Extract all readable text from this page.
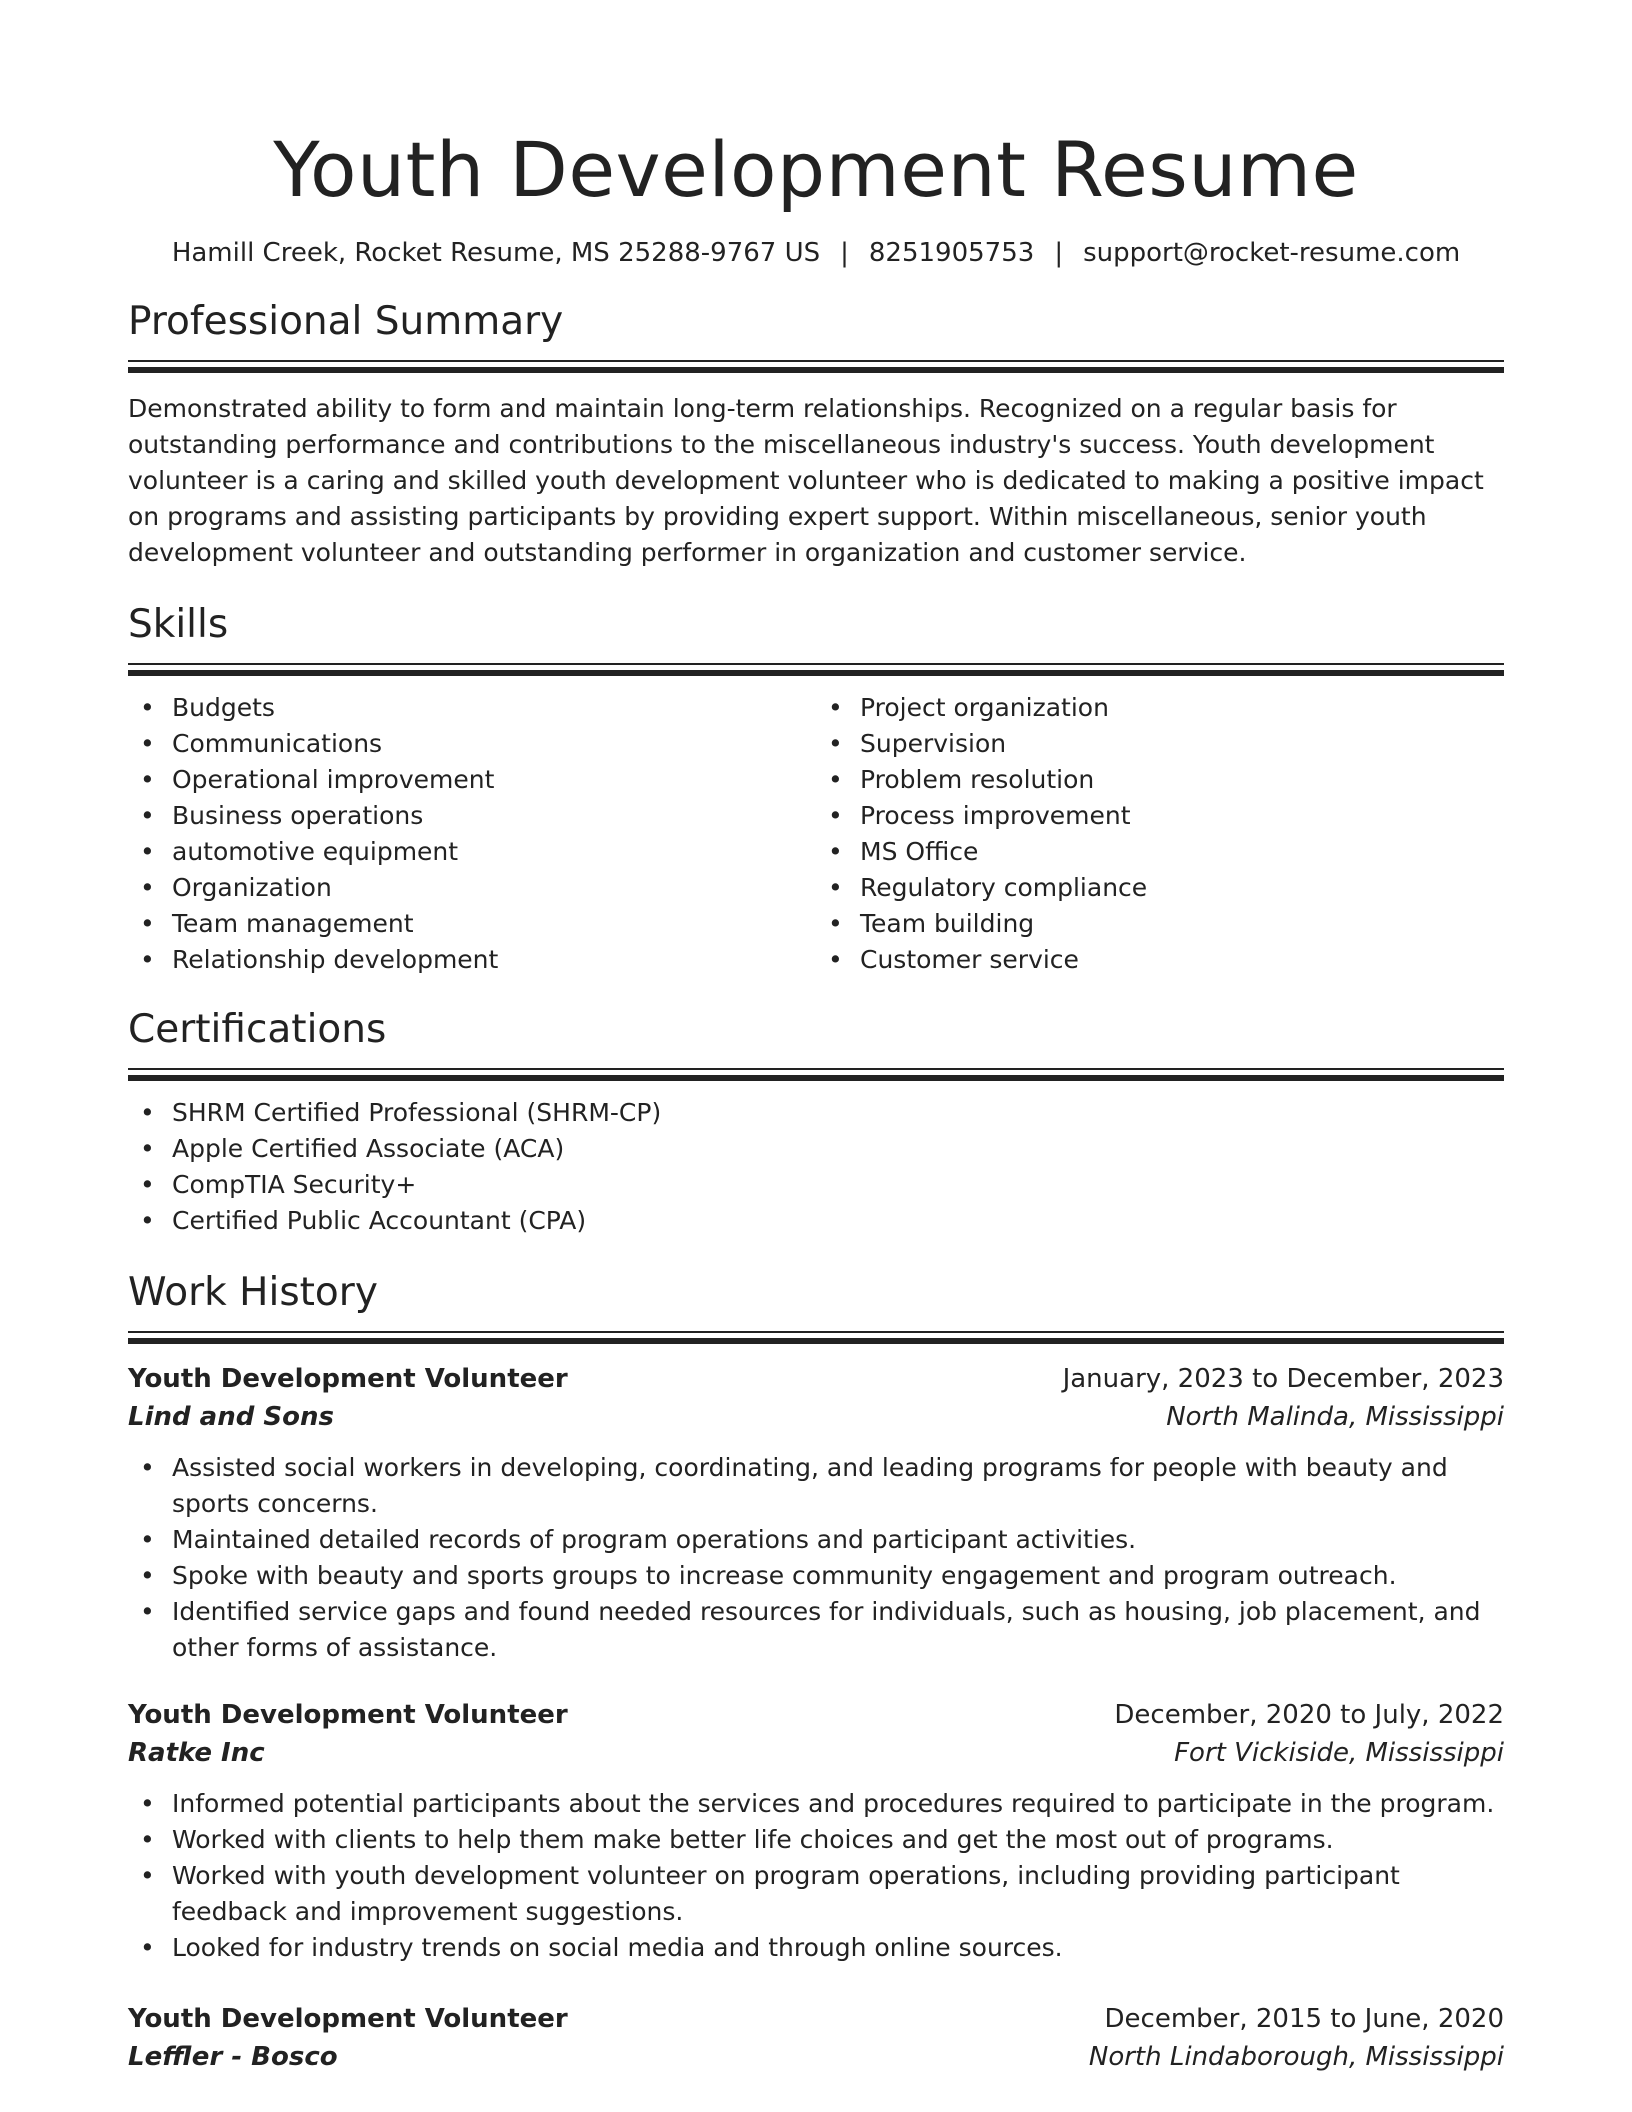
Youth Development Resume
Hamill Creek, Rocket Resume, MS 25288-9767 US | 8251905753 | support@rocket-resume.com
Professional Summary

Demonstrated ability to form and maintain long-term relationships. Recognized on a regular basis for outstanding performance and contributions to the miscellaneous industry's success. Youth development volunteer is a caring and skilled youth development volunteer who is dedicated to making a positive impact on programs and assisting participants by providing expert support. Within miscellaneous, senior youth development volunteer and outstanding performer in organization and customer service.

Skills
• Budgets
• Communications
• Operational improvement
• Business operations
• automotive equipment
• Organization
• Team management
• Relationship development
• Project organization
• Supervision
• Problem resolution
• Process improvement
• MS Office
• Regulatory compliance
• Team building
• Customer service
Certifications
• SHRM Certified Professional (SHRM-CP)
• Apple Certified Associate (ACA)
• CompTIA Security+
• Certified Public Accountant (CPA)
Work History
Youth Development Volunteer	January, 2023 to December, 2023
Lind and Sons	North Malinda, Mississippi
• Assisted social workers in developing, coordinating, and leading programs for people with beauty and sports concerns.
• Maintained detailed records of program operations and participant activities.
• Spoke with beauty and sports groups to increase community engagement and program outreach.
• Identified service gaps and found needed resources for individuals, such as housing, job placement, and other forms of assistance.
Youth Development Volunteer	December, 2020 to July, 2022
Ratke Inc	Fort Vickiside, Mississippi
• Informed potential participants about the services and procedures required to participate in the program.
• Worked with clients to help them make better life choices and get the most out of programs.
• Worked with youth development volunteer on program operations, including providing participant feedback and improvement suggestions.
• Looked for industry trends on social media and through online sources.
Youth Development Volunteer	December, 2015 to June, 2020
Leffler - Bosco	North Lindaborough, Mississippi
